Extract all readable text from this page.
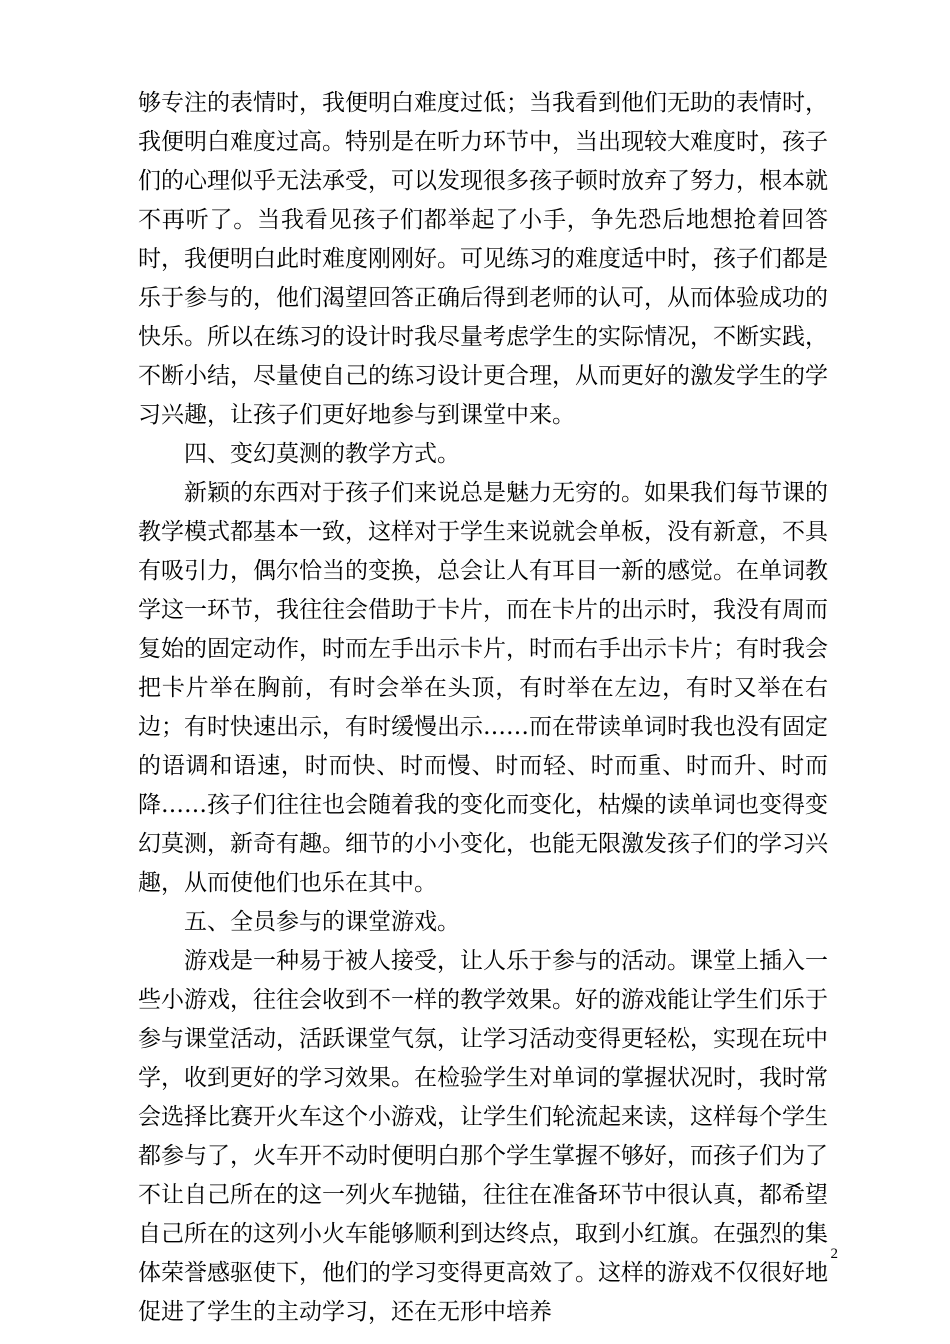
够专注的表情时，我便明白难度过低；当我看到他们无助的表情时，我便明白难度过高。特别是在听力环节中，当出现较大难度时，孩子们的心理似乎无法承受，可以发现很多孩子顿时放弃了努力，根本就不再听了。当我看见孩子们都举起了小手，争先恐后地想抢着回答时，我便明白此时难度刚刚好。可见练习的难度适中时，孩子们都是乐于参与的，他们渴望回答正确后得到老师的认可，从而体验成功的快乐。所以在练习的设计时我尽量考虑学生的实际情况，不断实践，不断小结，尽量使自己的练习设计更合理，从而更好的激发学生的学习兴趣，让孩子们更好地参与到课堂中来。

四、变幻莫测的教学方式。

新颖的东西对于孩子们来说总是魅力无穷的。如果我们每节课的教学模式都基本一致，这样对于学生来说就会单板，没有新意，不具有吸引力，偶尔恰当的变换，总会让人有耳目一新的感觉。在单词教学这一环节，我往往会借助于卡片，而在卡片的出示时，我没有周而复始的固定动作，时而左手出示卡片，时而右手出示卡片；有时我会把卡片举在胸前，有时会举在头顶，有时举在左边，有时又举在右边；有时快速出示，有时缓慢出示……而在带读单词时我也没有固定的语调和语速，时而快、时而慢、时而轻、时而重、时而升、时而降……孩子们往往也会随着我的变化而变化，枯燥的读单词也变得变幻莫测，新奇有趣。细节的小小变化，也能无限激发孩子们的学习兴趣，从而使他们也乐在其中。

五、全员参与的课堂游戏。

游戏是一种易于被人接受，让人乐于参与的活动。课堂上插入一些小游戏，往往会收到不一样的教学效果。好的游戏能让学生们乐于参与课堂活动，活跃课堂气氛，让学习活动变得更轻松，实现在玩中学，收到更好的学习效果。在检验学生对单词的掌握状况时，我时常会选择比赛开火车这个小游戏，让学生们轮流起来读，这样每个学生都参与了，火车开不动时便明白那个学生掌握不够好，而孩子们为了不让自己所在的这一列火车抛锚，往往在准备环节中很认真，都希望自己所在的这列小火车能够顺利到达终点，取到小红旗。在强烈的集体荣誉感驱使下，他们的学习变得更高效了。这样的游戏不仅很好地促进了学生的主动学习，还在无形中培养

2
